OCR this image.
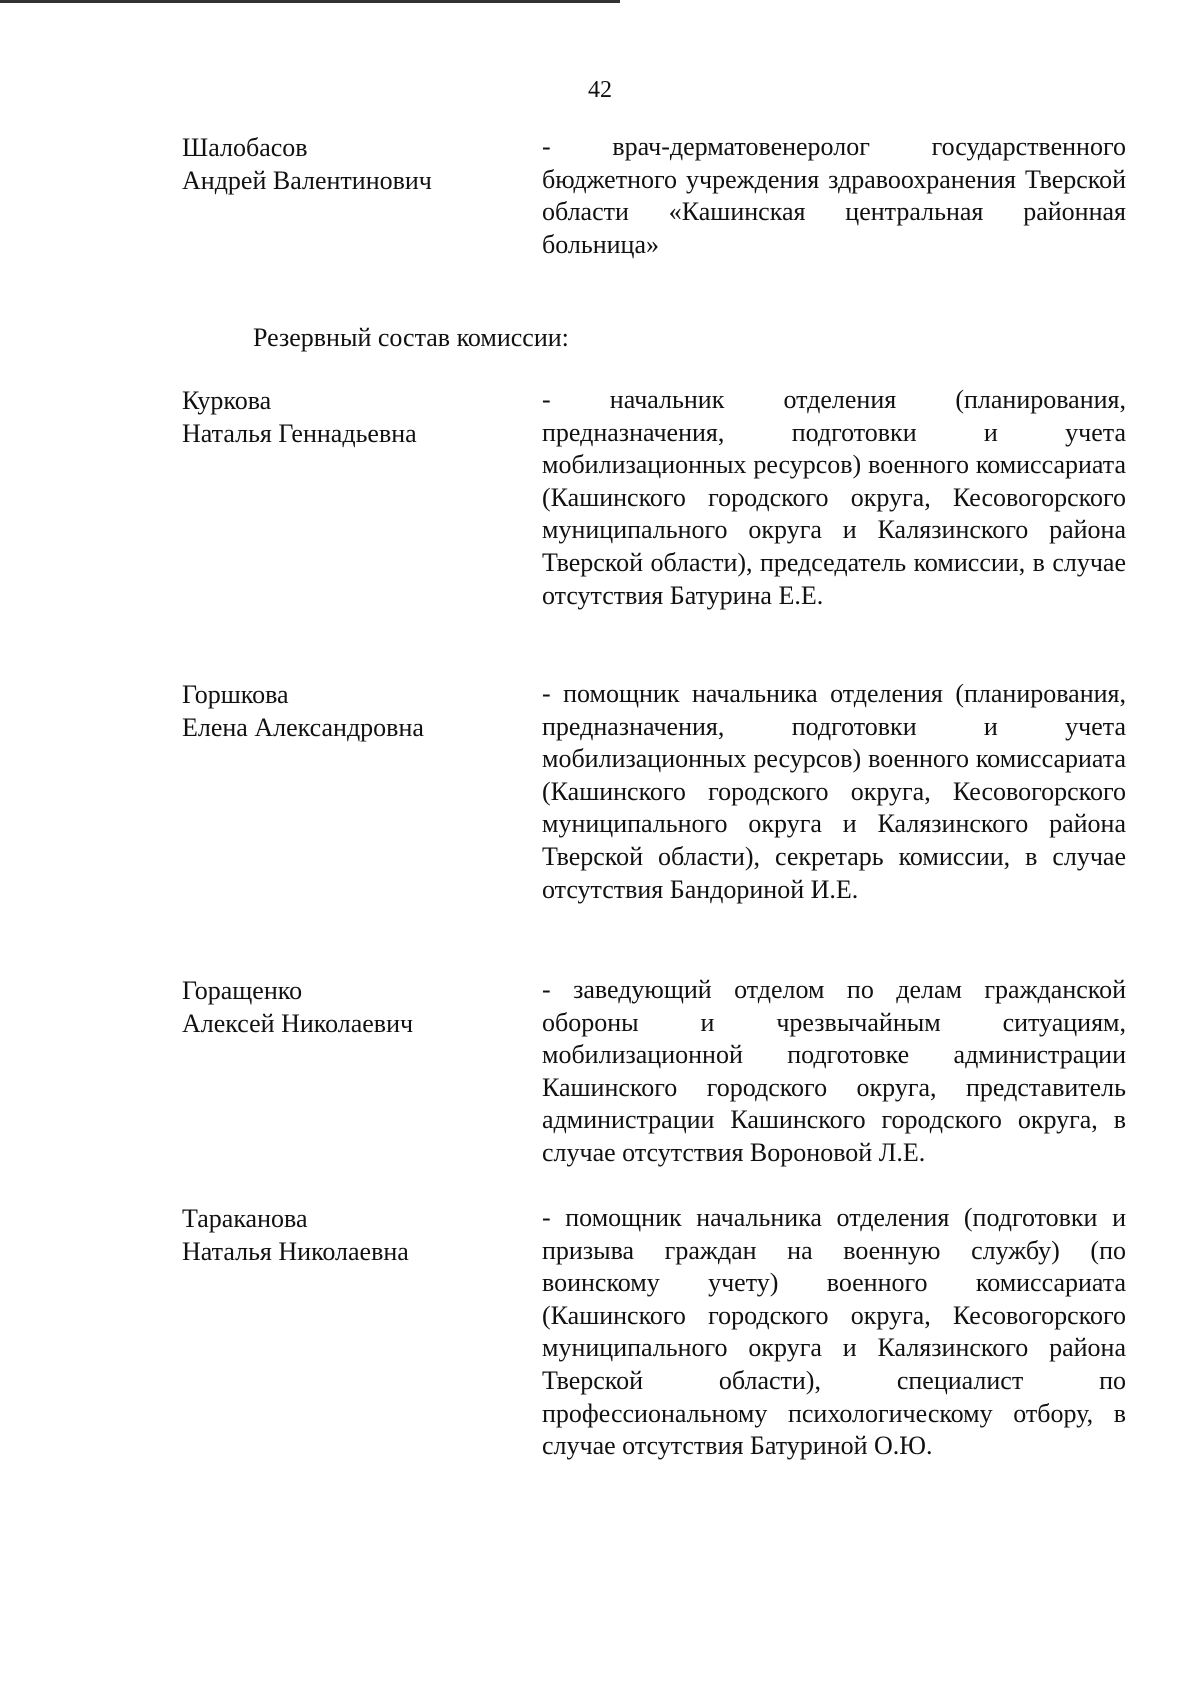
42
Шалобасов
Андрей Валентинович
- врач-дерматовенеролог государственного бюджетного учреждения здравоохранения Тверской области «Кашинская центральная районная больница»
Резервный состав комиссии:
Куркова
Наталья Геннадьевна
- начальник отделения (планирования, предназначения, подготовки и учета мобилизационных ресурсов) военного комиссариата (Кашинского городского округа, Кесовогорского муниципального округа и Калязинского района Тверской области), председатель комиссии, в случае отсутствия Батурина Е.Е.
Горшкова
Елена Александровна
- помощник начальника отделения (планирования, предназначения, подготовки и учета мобилизационных ресурсов) военного комиссариата (Кашинского городского округа, Кесовогорского муниципального округа и Калязинского района Тверской области), секретарь комиссии, в случае отсутствия Бандориной И.Е.
Горащенко
Алексей Николаевич
- заведующий отделом по делам гражданской обороны и чрезвычайным ситуациям, мобилизационной подготовке администрации Кашинского городского округа, представитель администрации Кашинского городского округа, в случае отсутствия Вороновой Л.Е.
Тараканова
Наталья Николаевна
- помощник начальника отделения (подготовки и призыва граждан на военную службу) (по воинскому учету) военного комиссариата (Кашинского городского округа, Кесовогорского муниципального округа и Калязинского района Тверской области), специалист по профессиональному психологическому отбору, в случае отсутствия Батуриной О.Ю.
